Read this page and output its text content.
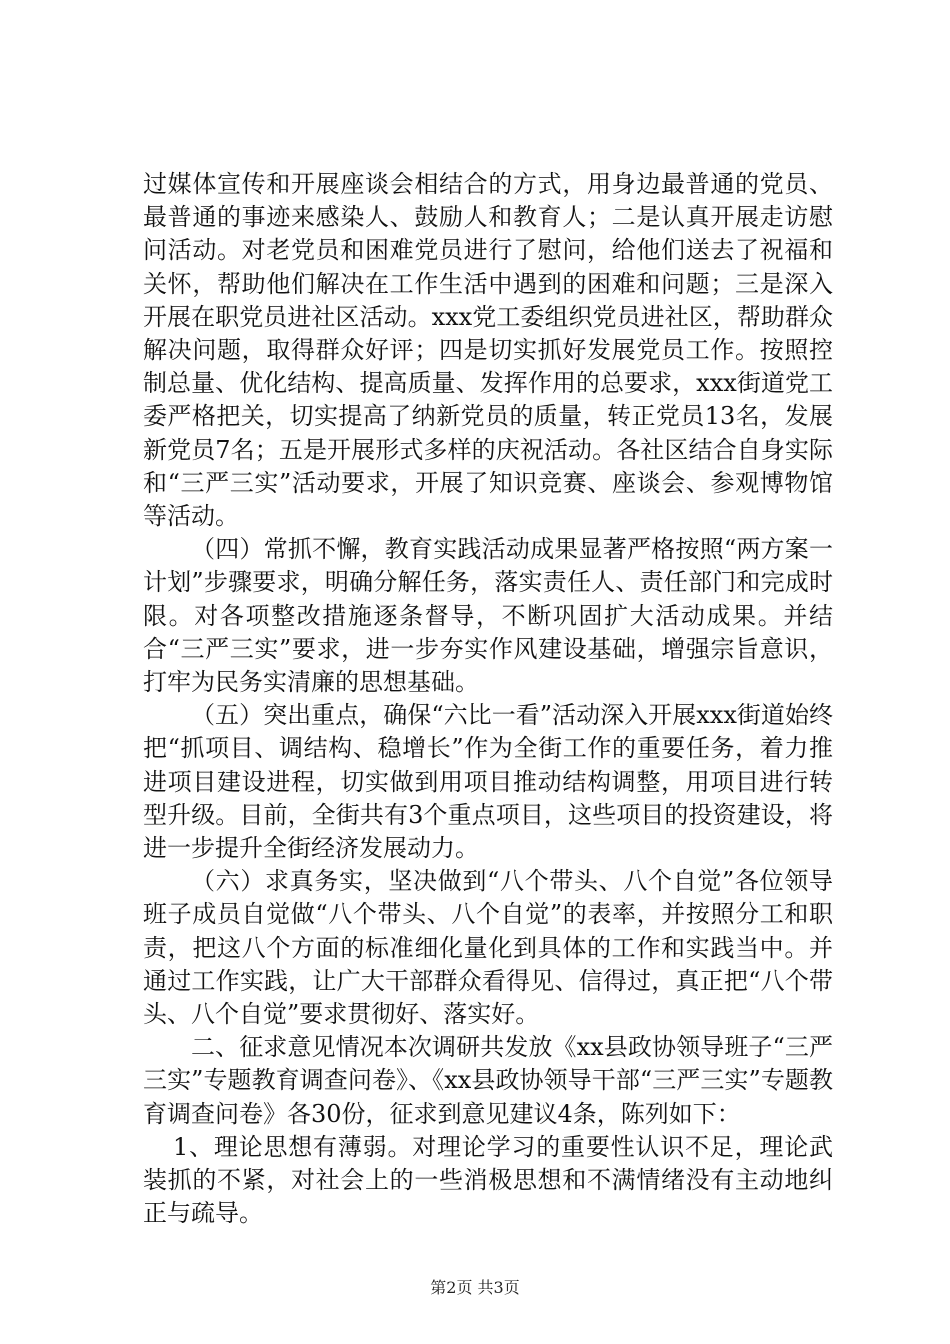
过媒体宣传和开展座谈会相结合的方式，用身边最普通的党员、最普通的事迹来感染人、鼓励人和教育人；二是认真开展走访慰问活动。对老党员和困难党员进行了慰问，给他们送去了祝福和关怀，帮助他们解决在工作生活中遇到的困难和问题；三是深入开展在职党员进社区活动。xxx党工委组织党员进社区，帮助群众解决问题，取得群众好评；四是切实抓好发展党员工作。按照控制总量、优化结构、提高质量、发挥作用的总要求，xxx街道党工委严格把关，切实提高了纳新党员的质量，转正党员13名，发展新党员7名；五是开展形式多样的庆祝活动。各社区结合自身实际和“三严三实”活动要求，开展了知识竞赛、座谈会、参观博物馆等活动。

（四）常抓不懈，教育实践活动成果显著严格按照“两方案一计划”步骤要求，明确分解任务，落实责任人、责任部门和完成时限。对各项整改措施逐条督导，不断巩固扩大活动成果。并结合“三严三实”要求，进一步夯实作风建设基础，增强宗旨意识，打牢为民务实清廉的思想基础。

（五）突出重点，确保“六比一看”活动深入开展xxx街道始终把“抓项目、调结构、稳增长”作为全街工作的重要任务，着力推进项目建设进程，切实做到用项目推动结构调整，用项目进行转型升级。目前，全街共有3个重点项目，这些项目的投资建设，将进一步提升全街经济发展动力。

（六）求真务实，坚决做到“八个带头、八个自觉”各位领导班子成员自觉做“八个带头、八个自觉”的表率，并按照分工和职责，把这八个方面的标准细化量化到具体的工作和实践当中。并通过工作实践，让广大干部群众看得见、信得过，真正把“八个带头、八个自觉”要求贯彻好、落实好。

二、征求意见情况本次调研共发放《xx县政协领导班子“三严三实”专题教育调查问卷》、《xx县政协领导干部“三严三实”专题教育调查问卷》各30份，征求到意见建议4条，陈列如下：

1、理论思想有薄弱。对理论学习的重要性认识不足，理论武装抓的不紧，对社会上的一些消极思想和不满情绪没有主动地纠正与疏导。

第2页 共3页
